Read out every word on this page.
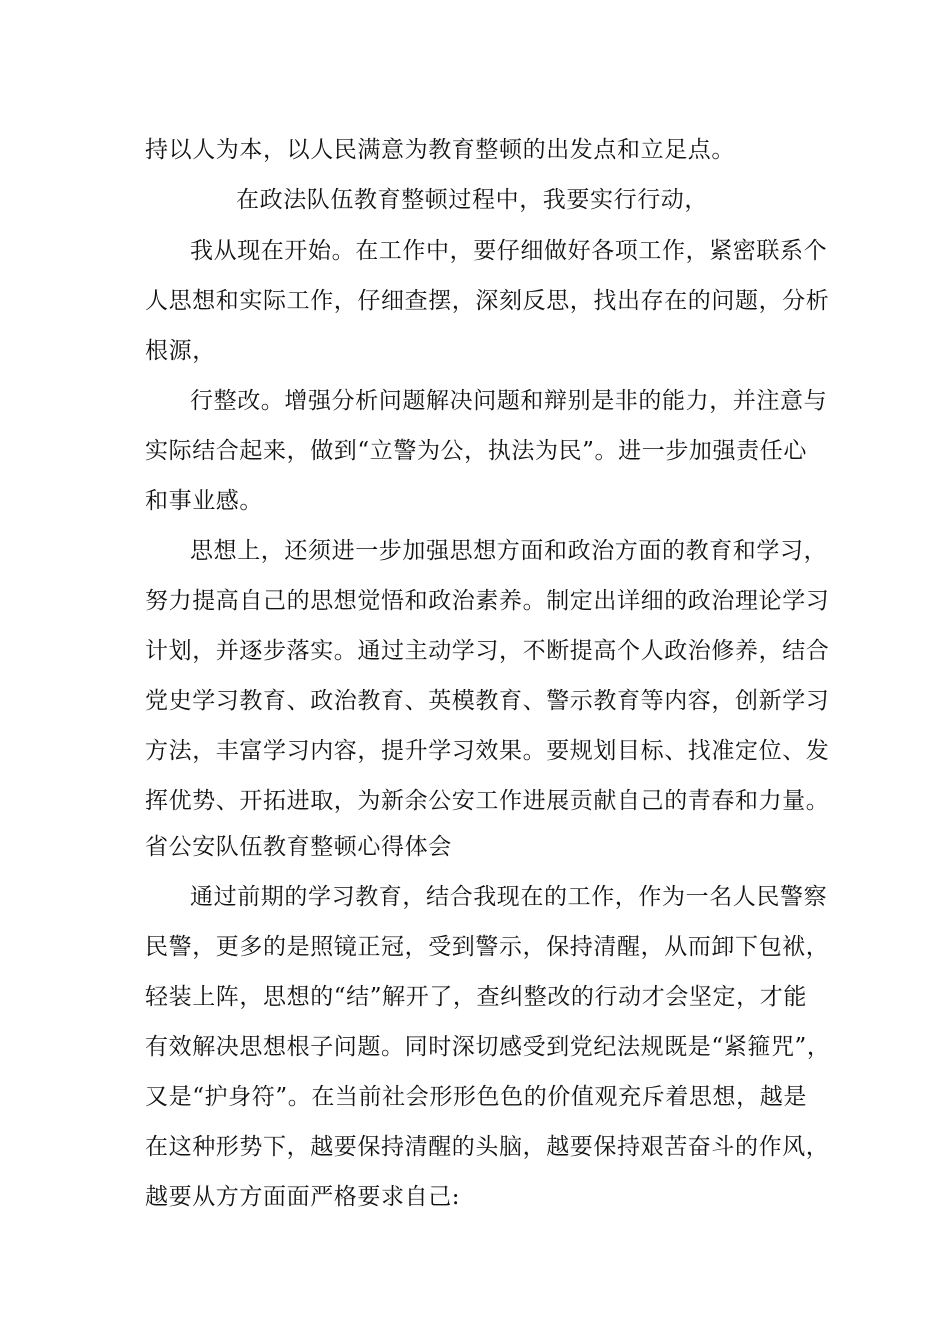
持以人为本，以人民满意为教育整顿的出发点和立足点。
在政法队伍教育整顿过程中，我要实行行动，
我从现在开始。在工作中，要仔细做好各项工作，紧密联系个
人思想和实际工作，仔细查摆，深刻反思，找出存在的问题，分析
根源，
行整改。增强分析问题解决问题和辩别是非的能力，并注意与
实际结合起来，做到“立警为公，执法为民”。进一步加强责任心
和事业感。
思想上，还须进一步加强思想方面和政治方面的教育和学习，
努力提高自己的思想觉悟和政治素养。制定出详细的政治理论学习
计划，并逐步落实。通过主动学习，不断提高个人政治修养，结合
党史学习教育、政治教育、英模教育、警示教育等内容，创新学习
方法，丰富学习内容，提升学习效果。要规划目标、找准定位、发
挥优势、开拓进取，为新余公安工作进展贡献自己的青春和力量。
省公安队伍教育整顿心得体会
通过前期的学习教育，结合我现在的工作，作为一名人民警察
民警，更多的是照镜正冠，受到警示，保持清醒，从而卸下包袱，
轻装上阵，思想的“结”解开了，查纠整改的行动才会坚定，才能
有效解决思想根子问题。同时深切感受到党纪法规既是“紧箍咒”，
又是“护身符”。在当前社会形形色色的价值观充斥着思想，越是
在这种形势下，越要保持清醒的头脑，越要保持艰苦奋斗的作风，
越要从方方面面严格要求自己:
